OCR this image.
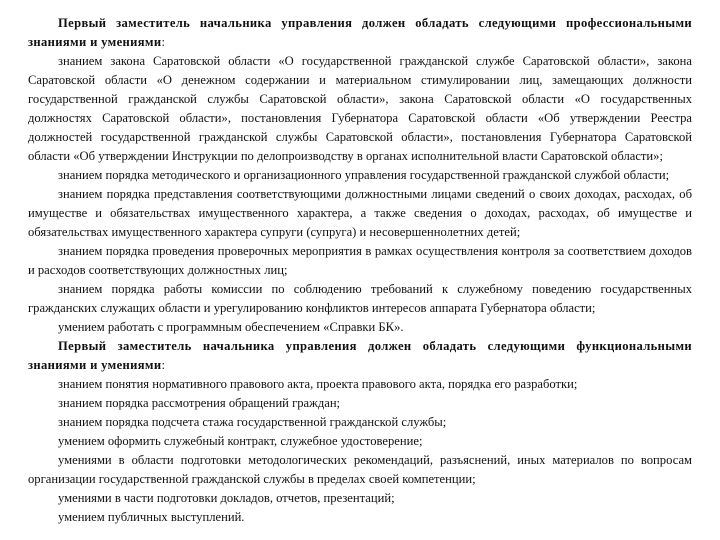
Первый заместитель начальника управления должен обладать следующими профессиональными знаниями и умениями:

знанием закона Саратовской области «О государственной гражданской службе Саратовской области», закона Саратовской области «О денежном содержании и материальном стимулировании лиц, замещающих должности государственной гражданской службы Саратовской области», закона Саратовской области «О государственных должностях Саратовской области», постановления Губернатора Саратовской области «Об утверждении Реестра должностей государственной гражданской службы Саратовской области», постановления Губернатора Саратовской области «Об утверждении Инструкции по делопроизводству в органах исполнительной власти Саратовской области»;

знанием порядка методического и организационного управления государственной гражданской службой области;

знанием порядка представления соответствующими должностными лицами сведений о своих доходах, расходах, об имуществе и обязательствах имущественного характера, а также сведения о доходах, расходах, об имуществе и обязательствах имущественного характера супруги (супруга) и несовершеннолетних детей;

знанием порядка проведения проверочных мероприятия в рамках осуществления контроля за соответствием доходов и расходов соответствующих должностных лиц;

знанием порядка работы комиссии по соблюдению требований к служебному поведению государственных гражданских служащих области и урегулированию конфликтов интересов аппарата Губернатора области;

умением работать с программным обеспечением «Справки БК».

Первый заместитель начальника управления должен обладать следующими функциональными знаниями и умениями:

знанием понятия нормативного правового акта, проекта правового акта, порядка его разработки;

знанием порядка рассмотрения обращений граждан;

знанием порядка подсчета стажа государственной гражданской службы;

умением оформить служебный контракт, служебное удостоверение;

умениями в области подготовки методологических рекомендаций, разъяснений, иных материалов по вопросам организации государственной гражданской службы в пределах своей компетенции;

умениями в части подготовки докладов, отчетов, презентаций;

умением публичных выступлений.
